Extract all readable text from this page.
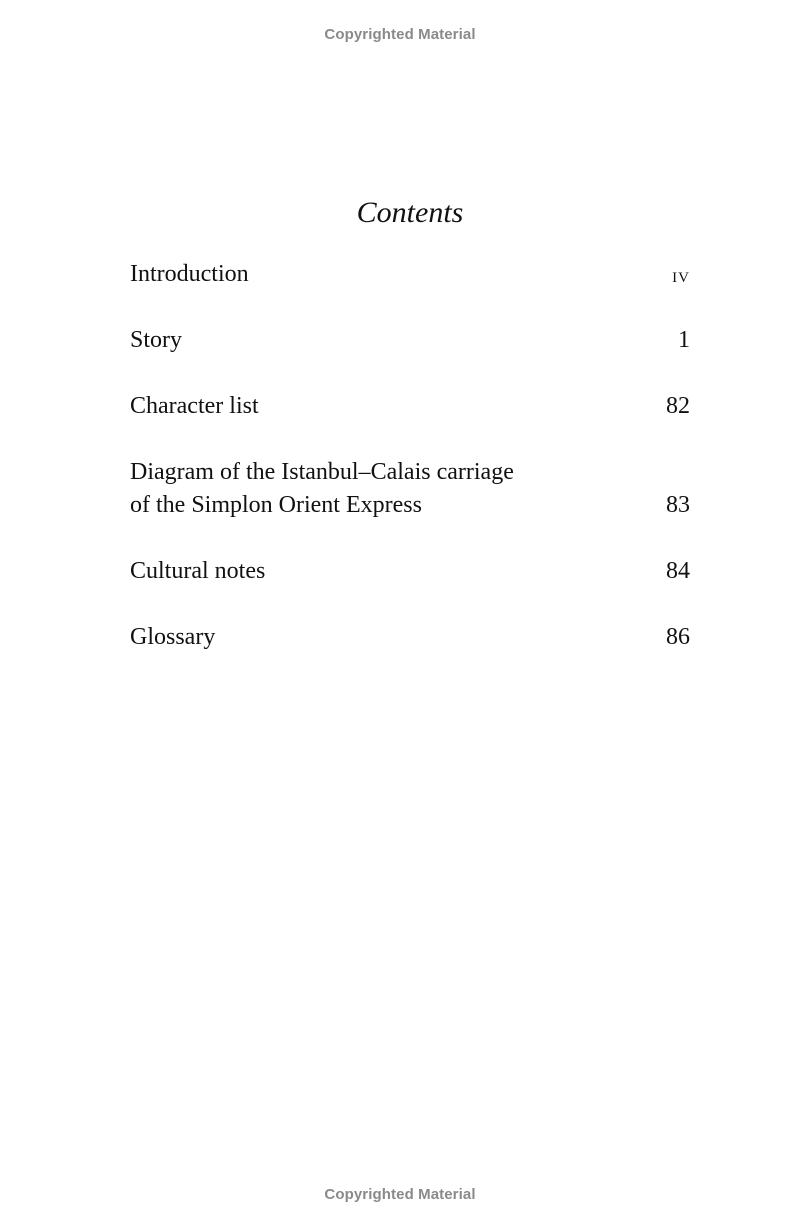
Copyrighted Material
Contents
Introduction	iv
Story	1
Character list	82
Diagram of the Istanbul–Calais carriage
of the Simplon Orient Express	83
Cultural notes	84
Glossary	86
Copyrighted Material
